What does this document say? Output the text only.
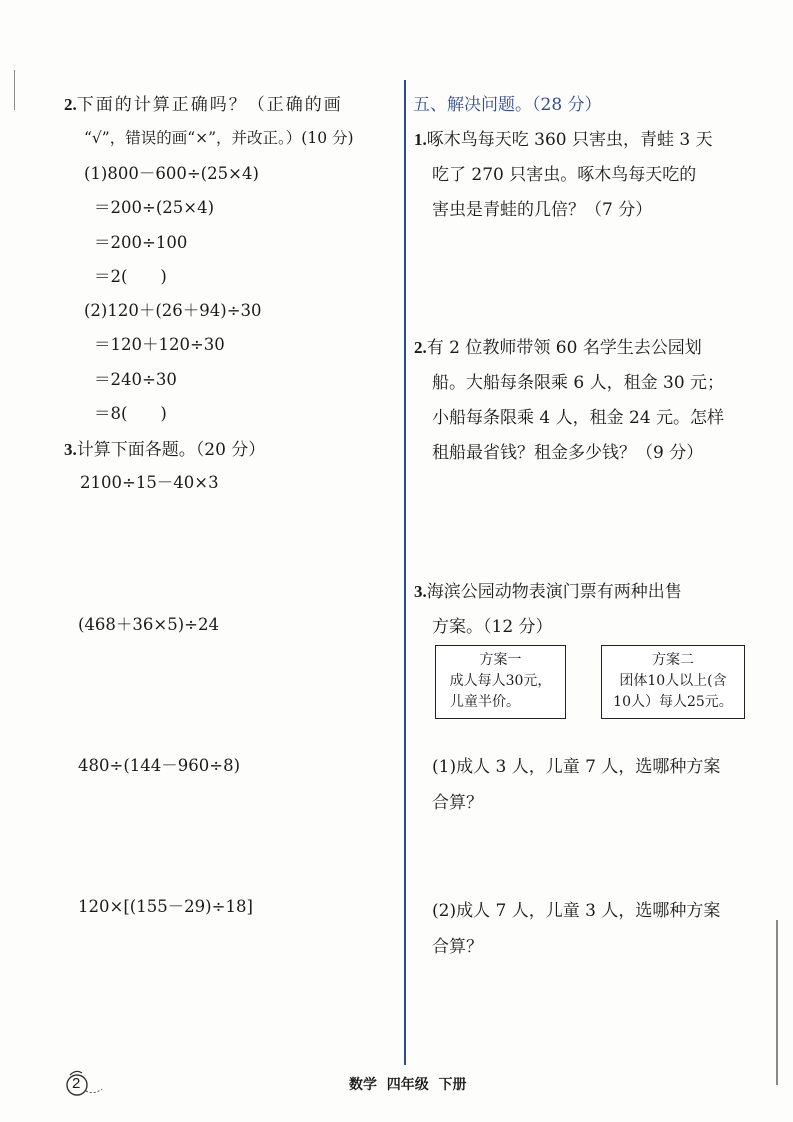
2.下面的计算正确吗？（正确的画
“√”，错误的画“×”，并改正。）(10 分)
(1)800－600÷(25×4)
＝200÷(25×4)
＝200÷100
＝2(　　)
(2)120＋(26＋94)÷30
＝120＋120÷30
＝240÷30
＝8(　　)
3.计算下面各题。（20 分）
2100÷15－40×3
(468＋36×5)÷24
480÷(144－960÷8)
120×[(155－29)÷18]
五、解决问题。（28 分）
1.啄木鸟每天吃 360 只害虫，青蛙 3 天
吃了 270 只害虫。啄木鸟每天吃的
害虫是青蛙的几倍？（7 分）
2.有 2 位教师带领 60 名学生去公园划
船。大船每条限乘 6 人，租金 30 元；
小船每条限乘 4 人，租金 24 元。怎样
租船最省钱？租金多少钱？（9 分）
3.海滨公园动物表演门票有两种出售
方案。（12 分）
方案一
成人每人30元，
儿童半价。
方案二
团体10人以上(含
10人）每人25元。
(1)成人 3 人，儿童 7 人，选哪种方案
合算？
(2)成人 7 人，儿童 3 人，选哪种方案
合算？
2	数学  四年级  下册
